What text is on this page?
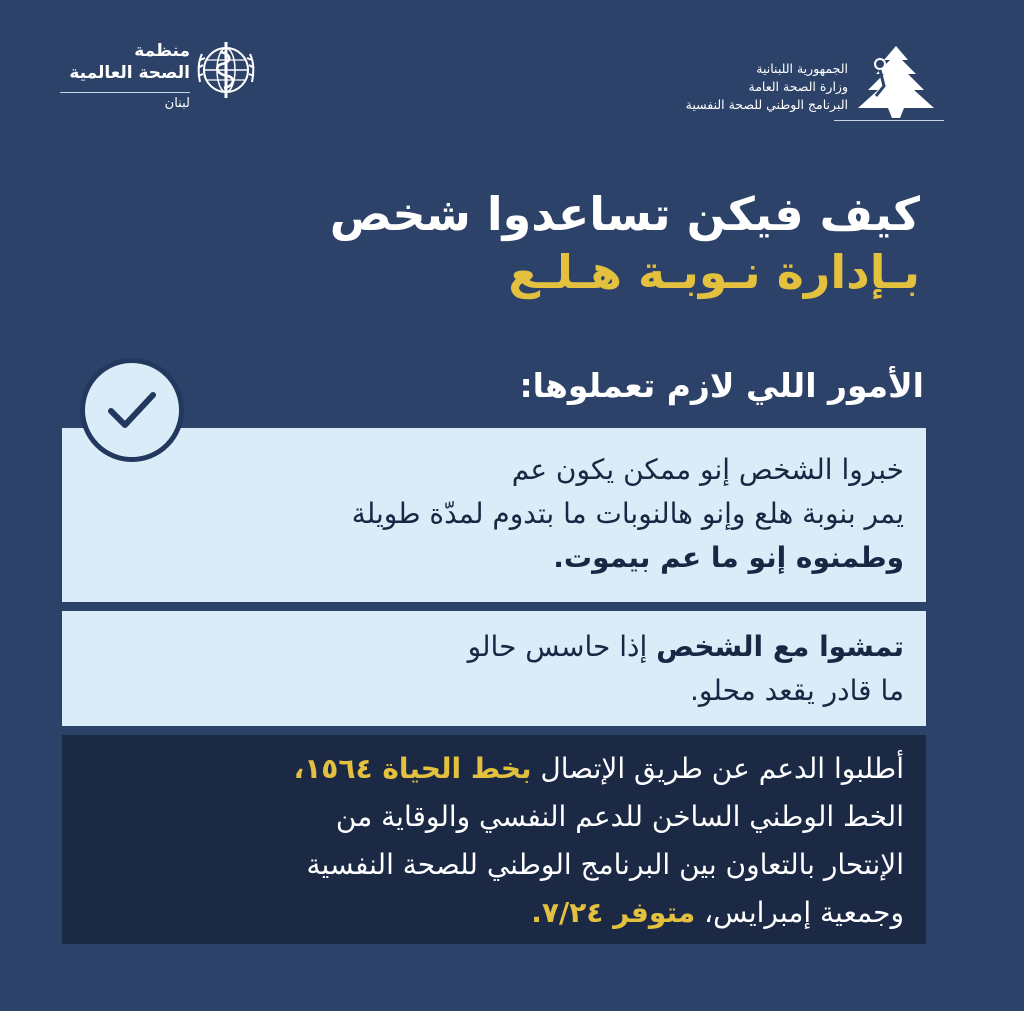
منظمة
الصحة العالمية
لبنان
الجمهورية اللبنانية
وزارة الصحة العامة
البرنامج الوطني للصحة النفسية
كيف فيكن تساعدوا شخص
بـإدارة نـوبـة هـلـع
الأمور اللي لازم تعملوها:
خبروا الشخص إنو ممكن يكون عم
يمر بنوبة هلع وإنو هالنوبات ما بتدوم لمدّة طويلة
وطمنوه إنو ما عم بيموت.
تمشوا مع الشخص إذا حاسس حالو
ما قادر يقعد محلو.
أطلبوا الدعم عن طريق الإتصال بخط الحياة ١٥٦٤،
الخط الوطني الساخن للدعم النفسي والوقاية من
الإنتحار بالتعاون بين البرنامج الوطني للصحة النفسية
وجمعية إمبرايس، متوفر ٧/٢٤.
